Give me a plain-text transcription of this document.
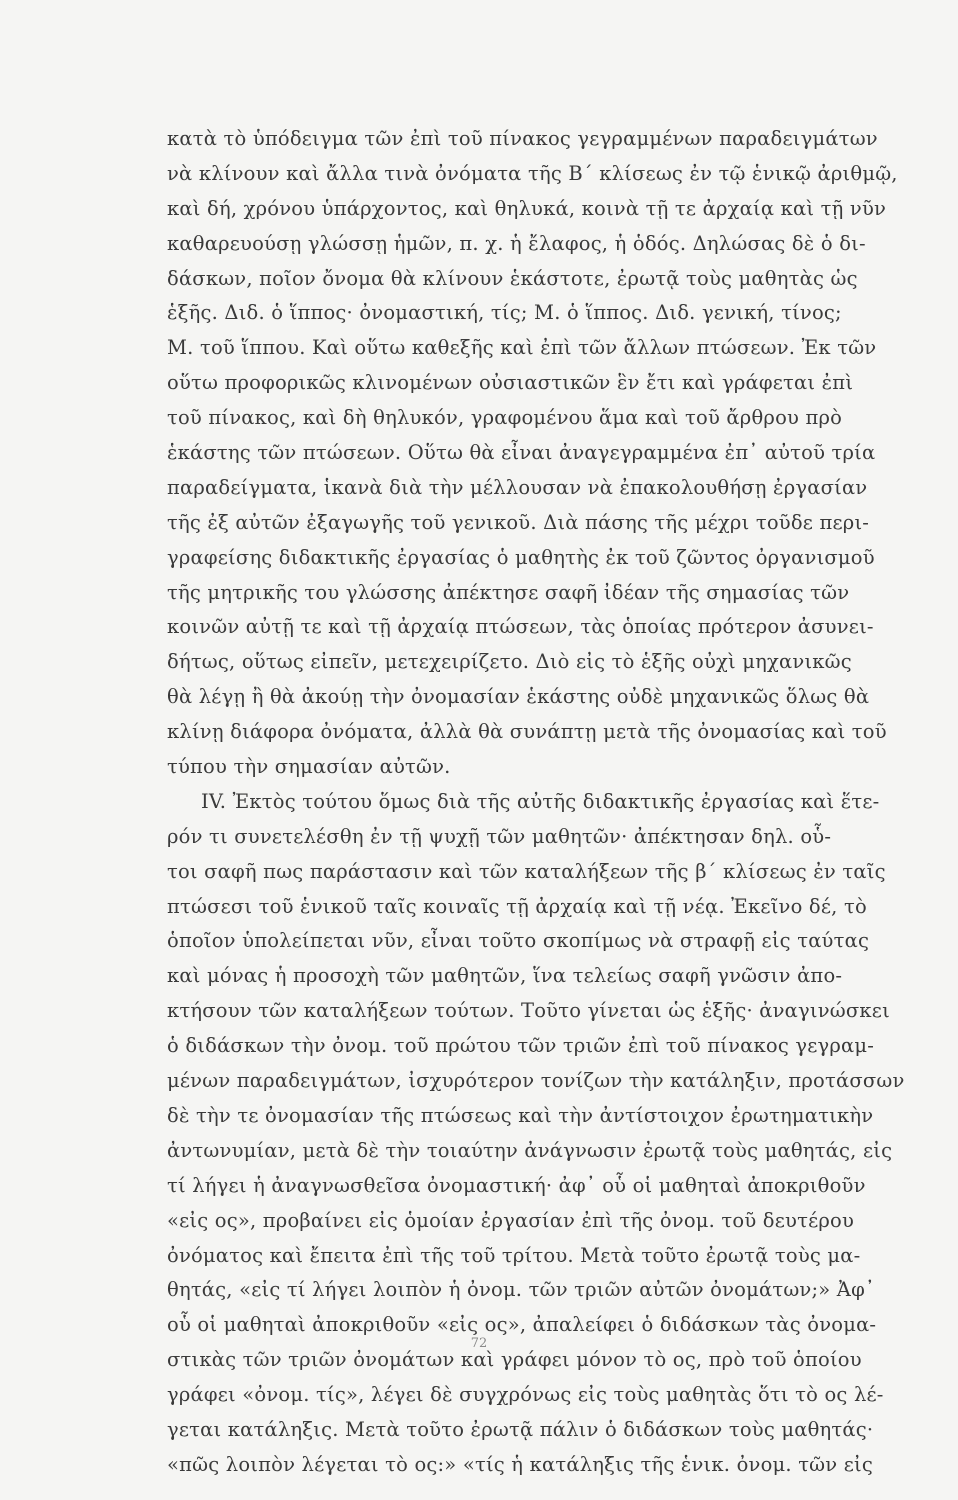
κατὰ τὸ ὑπόδειγμα τῶν ἐπὶ τοῦ πίνακος γεγραμμένων παραδειγμάτων
νὰ κλίνουν καὶ ἄλλα τινὰ ὀνόματα τῆς Β΄ κλίσεως ἐν τῷ ἑνικῷ ἀριθμῷ,
καὶ δή, χρόνου ὑπάρχοντος, καὶ θηλυκά, κοινὰ τῇ τε ἀρχαίᾳ καὶ τῇ νῦν
καθαρευούσῃ γλώσσῃ ἡμῶν, π. χ. ἡ ἔλαφος, ἡ ὁδός. Δηλώσας δὲ ὁ δι-
δάσκων, ποῖον ὄνομα θὰ κλίνουν ἑκάστοτε, ἐρωτᾷ τοὺς μαθητὰς ὡς
ἑξῆς. Διδ. ὁ ἵππος· ὀνομαστική, τίς; Μ. ὁ ἵππος. Διδ. γενική, τίνος;
Μ. τοῦ ἵππου. Καὶ οὕτω καθεξῆς καὶ ἐπὶ τῶν ἄλλων πτώσεων. Ἐκ τῶν
οὕτω προφορικῶς κλινομένων οὐσιαστικῶν ἓν ἔτι καὶ γράφεται ἐπὶ
τοῦ πίνακος, καὶ δὴ θηλυκόν, γραφομένου ἅμα καὶ τοῦ ἄρθρου πρὸ
ἑκάστης τῶν πτώσεων. Οὕτω θὰ εἶναι ἀναγεγραμμένα ἐπ᾽ αὐτοῦ τρία
παραδείγματα, ἱκανὰ διὰ τὴν μέλλουσαν νὰ ἐπακολουθήσῃ ἐργασίαν
τῆς ἐξ αὐτῶν ἐξαγωγῆς τοῦ γενικοῦ. Διὰ πάσης τῆς μέχρι τοῦδε περι-
γραφείσης διδακτικῆς ἐργασίας ὁ μαθητὴς ἐκ τοῦ ζῶντος ὀργανισμοῦ
τῆς μητρικῆς του γλώσσης ἀπέκτησε σαφῆ ἰδέαν τῆς σημασίας τῶν
κοινῶν αὐτῇ τε καὶ τῇ ἀρχαίᾳ πτώσεων, τὰς ὁποίας πρότερον ἀσυνει-
δήτως, οὕτως εἰπεῖν, μετεχειρίζετο. Διὸ εἰς τὸ ἑξῆς οὐχὶ μηχανικῶς
θὰ λέγῃ ἢ θὰ ἀκούῃ τὴν ὀνομασίαν ἑκάστης οὐδὲ μηχανικῶς ὅλως θὰ
κλίνῃ διάφορα ὀνόματα, ἀλλὰ θὰ συνάπτῃ μετὰ τῆς ὀνομασίας καὶ τοῦ
τύπου τὴν σημασίαν αὐτῶν.
IV. Ἐκτὸς τούτου ὅμως διὰ τῆς αὐτῆς διδακτικῆς ἐργασίας καὶ ἕτε-
ρόν τι συνετελέσθη ἐν τῇ ψυχῇ τῶν μαθητῶν· ἀπέκτησαν δηλ. οὗ-
τοι σαφῆ πως παράστασιν καὶ τῶν καταλήξεων τῆς β΄ κλίσεως ἐν ταῖς
πτώσεσι τοῦ ἑνικοῦ ταῖς κοιναῖς τῇ ἀρχαίᾳ καὶ τῇ νέᾳ. Ἐκεῖνο δέ, τὸ
ὁποῖον ὑπολείπεται νῦν, εἶναι τοῦτο σκοπίμως νὰ στραφῇ εἰς ταύτας
καὶ μόνας ἡ προσοχὴ τῶν μαθητῶν, ἵνα τελείως σαφῆ γνῶσιν ἀπο-
κτήσουν τῶν καταλήξεων τούτων. Τοῦτο γίνεται ὡς ἑξῆς· ἀναγινώσκει
ὁ διδάσκων τὴν ὀνομ. τοῦ πρώτου τῶν τριῶν ἐπὶ τοῦ πίνακος γεγραμ-
μένων παραδειγμάτων, ἰσχυρότερον τονίζων τὴν κατάληξιν, προτάσσων
δὲ τὴν τε ὀνομασίαν τῆς πτώσεως καὶ τὴν ἀντίστοιχον ἐρωτηματικὴν
ἀντωνυμίαν, μετὰ δὲ τὴν τοιαύτην ἀνάγνωσιν ἐρωτᾷ τοὺς μαθητάς, εἰς
τί λήγει ἡ ἀναγνωσθεῖσα ὀνομαστική· ἀφ᾽ οὗ οἱ μαθηταὶ ἀποκριθοῦν
«εἰς ος», προβαίνει εἰς ὁμοίαν ἐργασίαν ἐπὶ τῆς ὀνομ. τοῦ δευτέρου
ὀνόματος καὶ ἔπειτα ἐπὶ τῆς τοῦ τρίτου. Μετὰ τοῦτο ἐρωτᾷ τοὺς μα-
θητάς, «εἰς τί λήγει λοιπὸν ἡ ὀνομ. τῶν τριῶν αὐτῶν ὀνομάτων;» Ἀφ᾽
οὗ οἱ μαθηταὶ ἀποκριθοῦν «εἰς ος», ἀπαλείφει ὁ διδάσκων τὰς ὀνομα-
στικὰς τῶν τριῶν ὀνομάτων καὶ γράφει μόνον τὸ ος, πρὸ τοῦ ὁποίου
γράφει «ὀνομ. τίς», λέγει δὲ συγχρόνως εἰς τοὺς μαθητὰς ὅτι τὸ ος λέ-
γεται κατάληξις. Μετὰ τοῦτο ἐρωτᾷ πάλιν ὁ διδάσκων τοὺς μαθητάς·
«πῶς λοιπὸν λέγεται τὸ ος:» «τίς ἡ κατάληξις τῆς ἑνικ. ὀνομ. τῶν εἰς
72
